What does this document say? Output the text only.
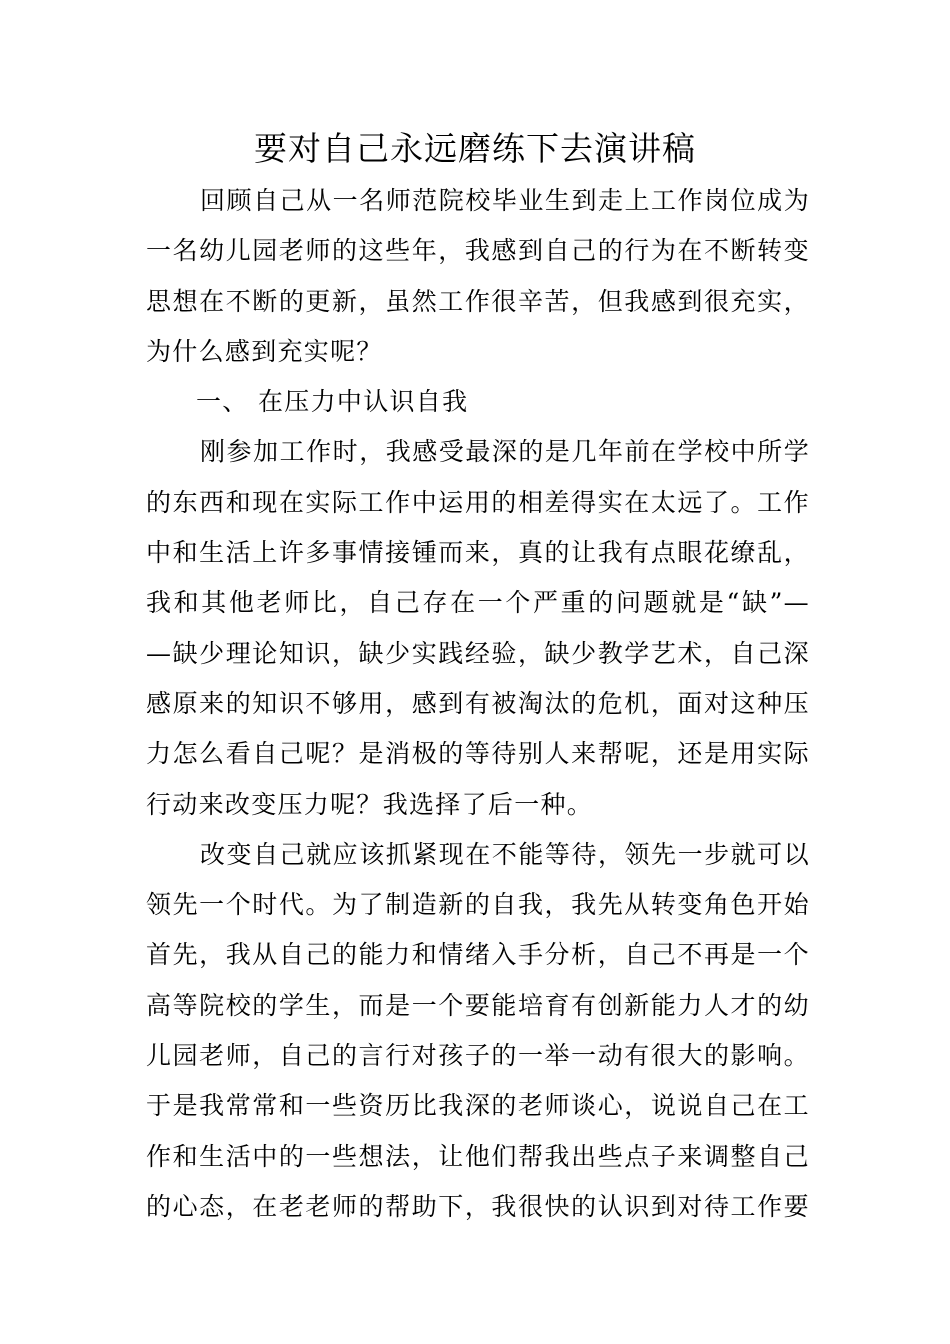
要对自己永远磨练下去演讲稿
回顾自己从一名师范院校毕业生到走上工作岗位成为
一名幼儿园老师的这些年，我感到自己的行为在不断转变
思想在不断的更新，虽然工作很辛苦，但我感到很充实，
为什么感到充实呢？
一、 在压力中认识自我
刚参加工作时，我感受最深的是几年前在学校中所学
的东西和现在实际工作中运用的相差得实在太远了。工作
中和生活上许多事情接锺而来，真的让我有点眼花缭乱，
我和其他老师比，自己存在一个严重的问题就是“缺”—
—缺少理论知识，缺少实践经验，缺少教学艺术，自己深
感原来的知识不够用，感到有被淘汰的危机，面对这种压
力怎么看自己呢？是消极的等待别人来帮呢，还是用实际
行动来改变压力呢？我选择了后一种。
改变自己就应该抓紧现在不能等待，领先一步就可以
领先一个时代。为了制造新的自我，我先从转变角色开始
首先，我从自己的能力和情绪入手分析，自己不再是一个
高等院校的学生，而是一个要能培育有创新能力人才的幼
儿园老师，自己的言行对孩子的一举一动有很大的影响。
于是我常常和一些资历比我深的老师谈心，说说自己在工
作和生活中的一些想法，让他们帮我出些点子来调整自己
的心态，在老老师的帮助下，我很快的认识到对待工作要
